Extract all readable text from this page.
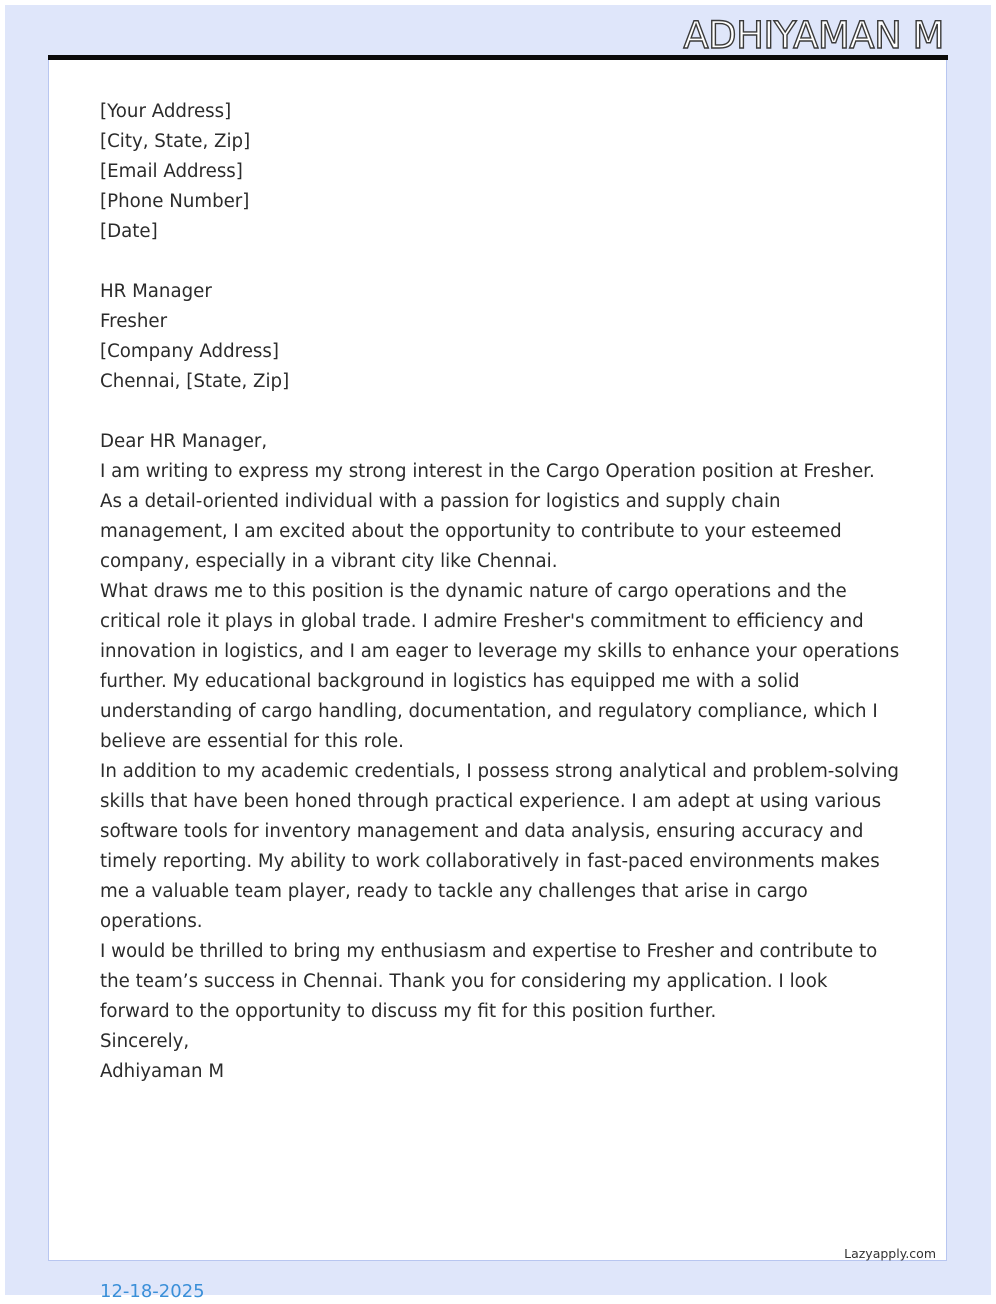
ADHIYAMAN M
[Your Address]
[City, State, Zip]
[Email Address]
[Phone Number]
[Date]
HR Manager
Fresher
[Company Address]
Chennai, [State, Zip]

Dear HR Manager,

I am writing to express my strong interest in the Cargo Operation position at Fresher. As a detail-oriented individual with a passion for logistics and supply chain management, I am excited about the opportunity to contribute to your esteemed company, especially in a vibrant city like Chennai.

What draws me to this position is the dynamic nature of cargo operations and the critical role it plays in global trade. I admire Fresher's commitment to efficiency and innovation in logistics, and I am eager to leverage my skills to enhance your operations further. My educational background in logistics has equipped me with a solid understanding of cargo handling, documentation, and regulatory compliance, which I believe are essential for this role.

In addition to my academic credentials, I possess strong analytical and problem-solving skills that have been honed through practical experience. I am adept at using various software tools for inventory management and data analysis, ensuring accuracy and timely reporting. My ability to work collaboratively in fast-paced environments makes me a valuable team player, ready to tackle any challenges that arise in cargo operations.

I would be thrilled to bring my enthusiasm and expertise to Fresher and contribute to the team’s success in Chennai. Thank you for considering my application. I look forward to the opportunity to discuss my fit for this position further.

Sincerely,

Adhiyaman M

Lazyapply.com
12-18-2025
